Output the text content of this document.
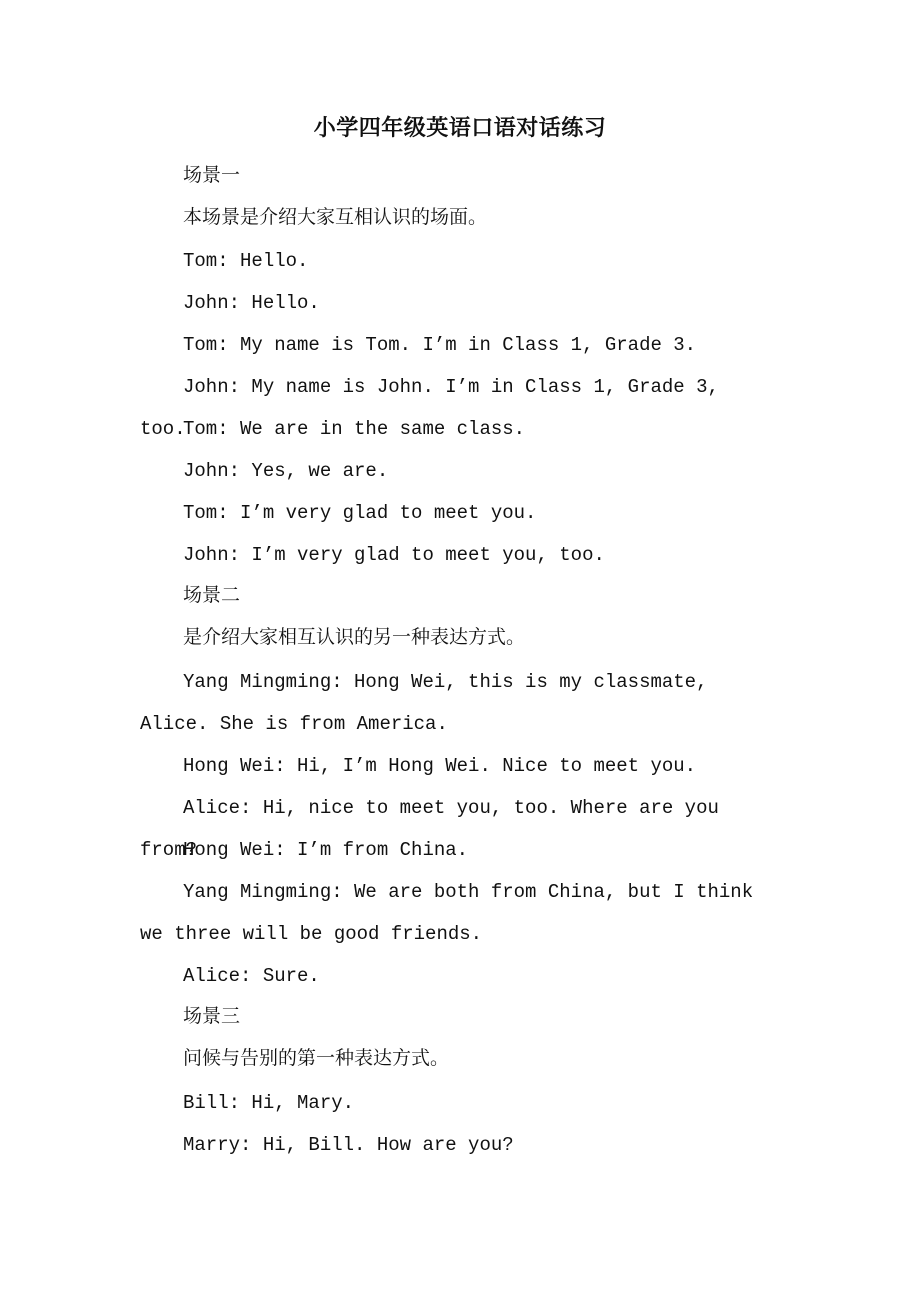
小学四年级英语口语对话练习

场景一

本场景是介绍大家互相认识的场面。

Tom: Hello.

John: Hello.

Tom: My name is Tom. I’m in Class 1, Grade 3.

John: My name is John. I’m in Class 1, Grade 3,  too.

Tom: We are in the same class.

John: Yes, we are.

Tom: I’m very glad to meet you.

John: I’m very glad to meet you, too.

场景二

是介绍大家相互认识的另一种表达方式。

Yang Mingming: Hong Wei, this is my classmate, Alice. She is from America.

Hong Wei: Hi, I’m Hong Wei. Nice to meet you.

Alice: Hi, nice to meet you, too. Where are you from?

Hong Wei: I’m from China.

Yang Mingming: We are both from China, but I think we three will be good friends.

Alice: Sure.

场景三

问候与告别的第一种表达方式。

Bill: Hi, Mary.

Marry: Hi, Bill. How are you?
